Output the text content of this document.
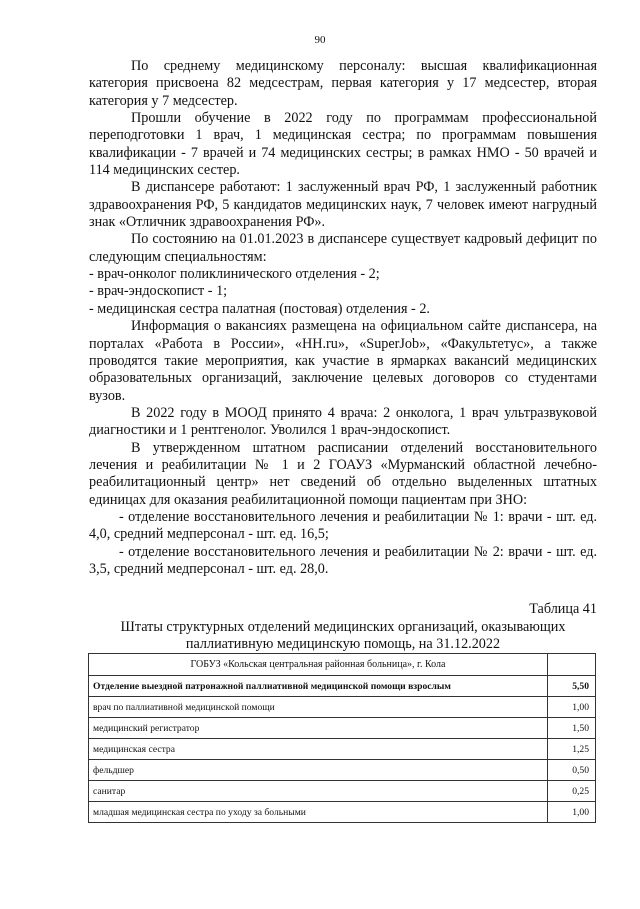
90

По среднему медицинскому персоналу: высшая квалификационная категория присвоена 82 медсестрам, первая категория у 17 медсестер, вторая категория у 7 медсестер.

Прошли обучение в 2022 году по программам профессиональной переподготовки 1 врач, 1 медицинская сестра; по программам повышения квалификации - 7 врачей и 74 медицинских сестры; в рамках НМО - 50 врачей и 114 медицинских сестер.

В диспансере работают: 1 заслуженный врач РФ, 1 заслуженный работник здравоохранения РФ, 5 кандидатов медицинских наук, 7 человек имеют нагрудный знак «Отличник здравоохранения РФ».

По состоянию на 01.01.2023 в диспансере существует кадровый дефицит по следующим специальностям:

- врач-онколог поликлинического отделения - 2;

- врач-эндоскопист - 1;

- медицинская сестра палатная (постовая) отделения - 2.

Информация о вакансиях размещена на официальном сайте диспансера, на порталах «Работа в России», «HH.ru», «SuperJob», «Факультетус», а также проводятся такие мероприятия, как участие в ярмарках вакансий медицинских образовательных организаций, заключение целевых договоров со студентами вузов.

В 2022 году в МООД принято 4 врача: 2 онколога, 1 врач ультразвуковой диагностики и 1 рентгенолог. Уволился 1 врач-эндоскопист.

В утвержденном штатном расписании отделений восстановительного лечения и реабилитации № 1 и 2 ГОАУЗ «Мурманский областной лечебно-реабилитационный центр» нет сведений об отдельно выделенных штатных единицах для оказания реабилитационной помощи пациентам при ЗНО:

- отделение восстановительного лечения и реабилитации № 1: врачи - шт. ед. 4,0, средний медперсонал - шт. ед. 16,5;

- отделение восстановительного лечения и реабилитации № 2: врачи - шт. ед. 3,5, средний медперсонал - шт. ед. 28,0.

Таблица 41
Штаты структурных отделений медицинских организаций, оказывающих паллиативную медицинскую помощь, на 31.12.2022
ГОБУЗ «Кольская центральная районная больница», г. Кола	
Отделение выездной патронажной паллиативной медицинской помощи взрослым	5,50
врач по паллиативной медицинской помощи	1,00
медицинский регистратор	1,50
медицинская сестра	1,25
фельдшер	0,50
санитар	0,25
младшая медицинская сестра по уходу за больными	1,00
